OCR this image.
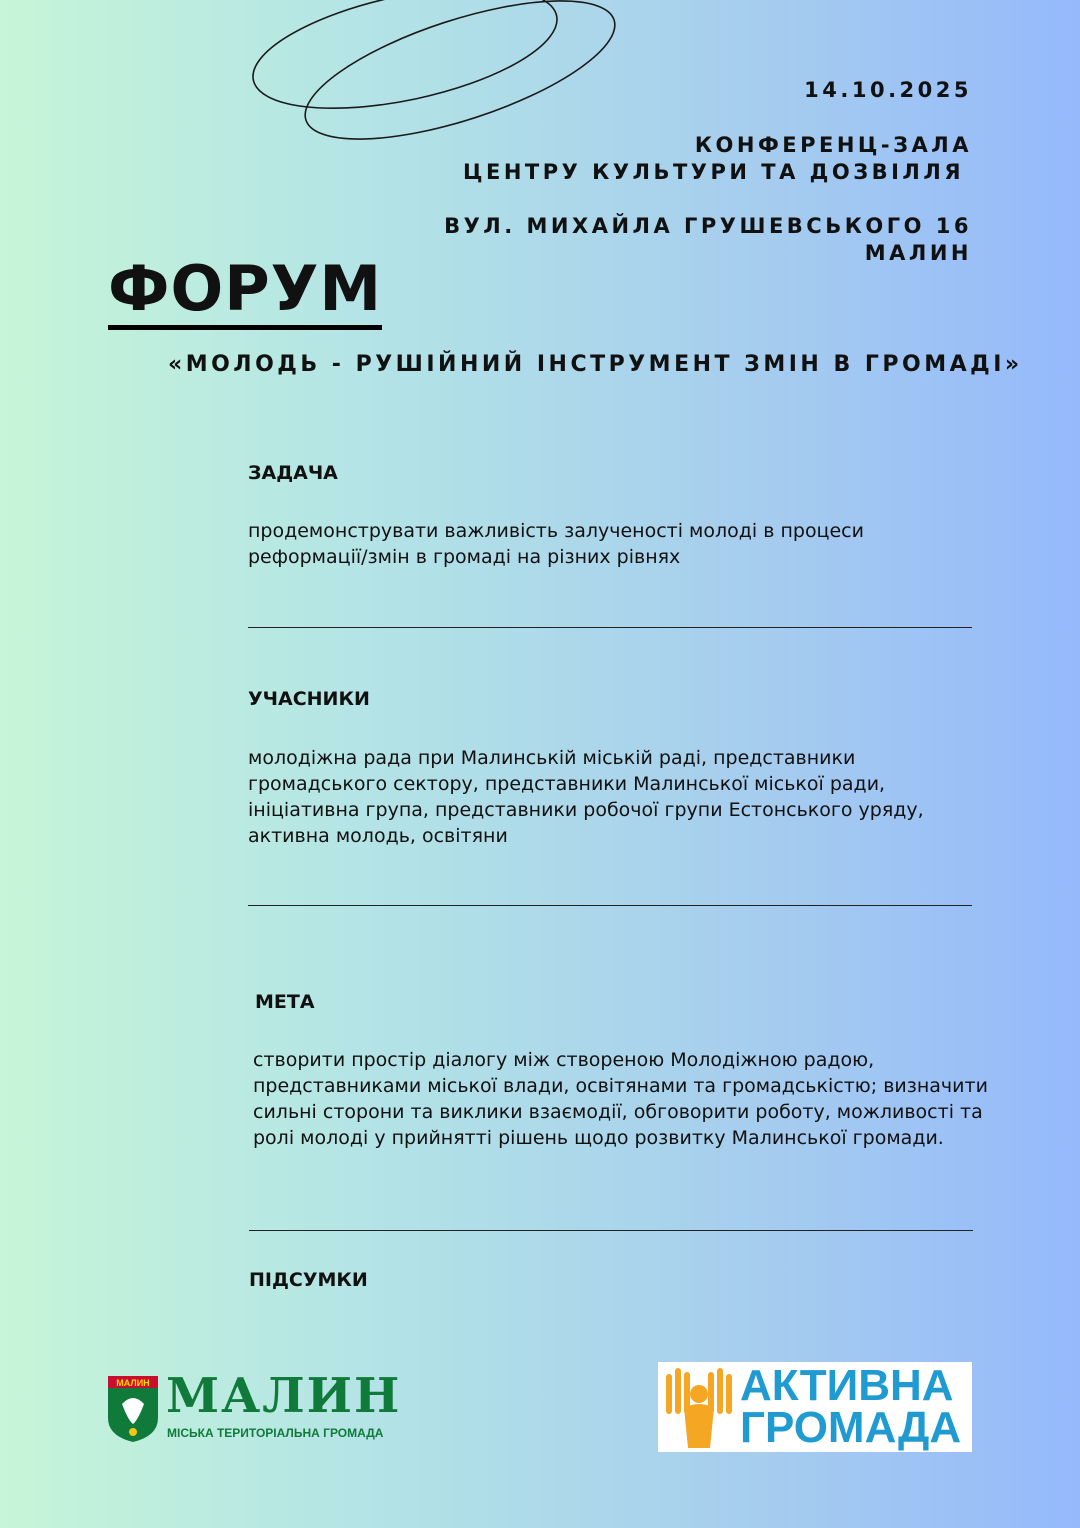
14.10.2025
КОНФЕРЕНЦ-ЗАЛА
ЦЕНТРУ КУЛЬТУРИ ТА ДОЗВІЛЛЯ
ВУЛ. МИХАЙЛА ГРУШЕВСЬКОГО 16
МАЛИН
ФОРУМ
«МОЛОДЬ - РУШІЙНИЙ ІНСТРУМЕНТ ЗМІН В ГРОМАДІ»
ЗАДАЧА
продемонструвати важливість залученості молоді в процеси
реформації/змін в громаді на різних рівнях
УЧАСНИКИ
молодіжна рада при Малинській міській раді, представники
громадського сектору, представники Малинської міської ради,
ініціативна група, представники робочої групи Естонського уряду,
активна молодь, освітяни
МЕТА
створити простір діалогу між створеною Молодіжною радою,
представниками міської влади, освітянами та громадськістю; визначити
сильні сторони та виклики взаємодії, обговорити роботу, можливості та
ролі молоді у прийнятті рішень щодо розвитку Малинської громади.
ПІДСУМКИ
МАЛИН МАЛИН
МІСЬКА ТЕРИТОРІАЛЬНА ГРОМАДА
АКТИВНА
ГРОМАДА
